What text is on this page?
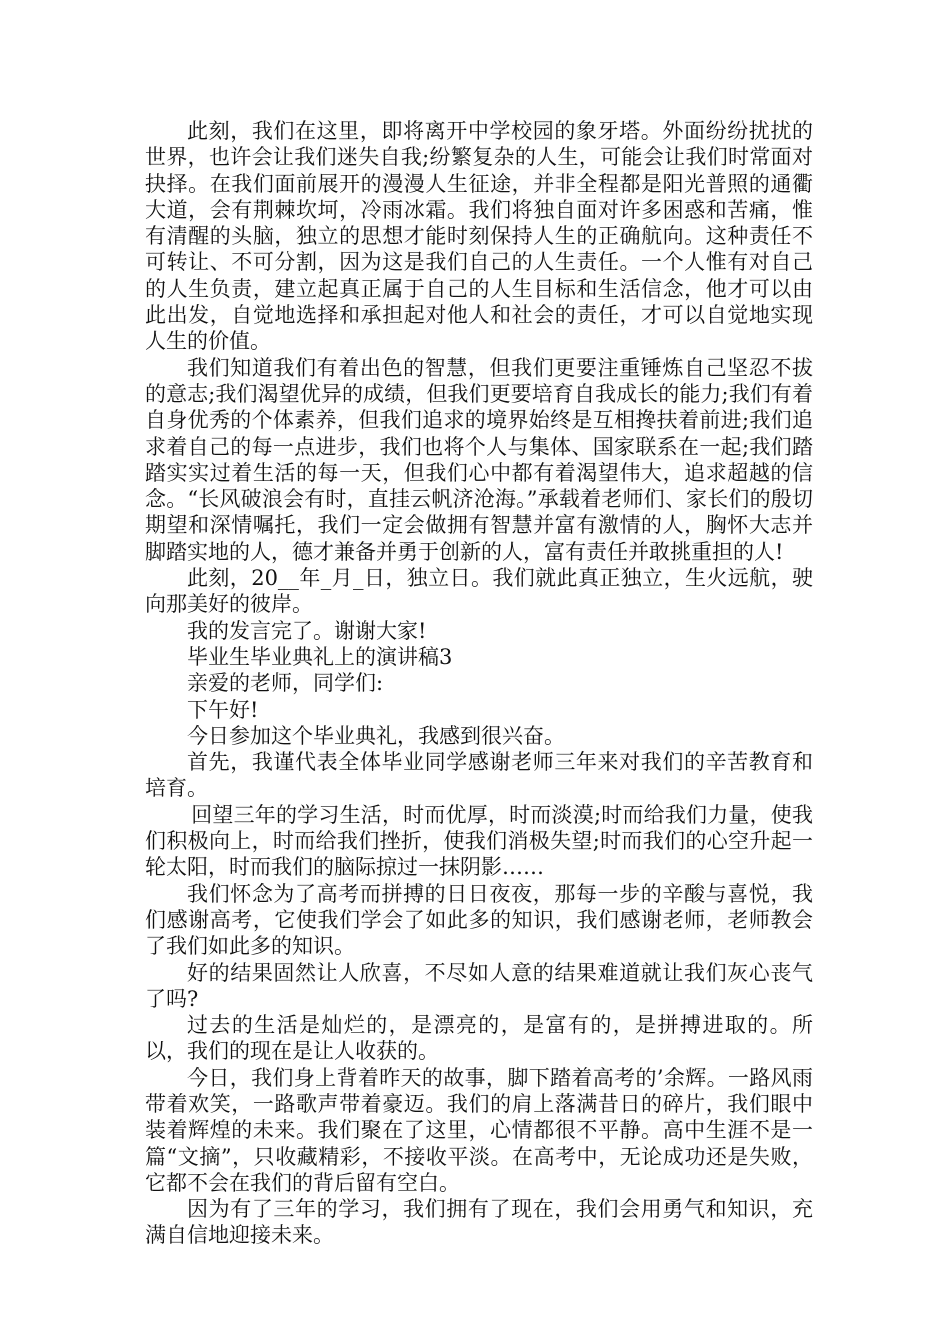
此刻，我们在这里，即将离开中学校园的象牙塔。外面纷纷扰扰的世界，也许会让我们迷失自我;纷繁复杂的人生，可能会让我们时常面对抉择。在我们面前展开的漫漫人生征途，并非全程都是阳光普照的通衢大道，会有荆棘坎坷，冷雨冰霜。我们将独自面对许多困惑和苦痛，惟有清醒的头脑，独立的思想才能时刻保持人生的正确航向。这种责任不可转让、不可分割，因为这是我们自己的人生责任。一个人惟有对自己的人生负责，建立起真正属于自己的人生目标和生活信念，他才可以由此出发，自觉地选择和承担起对他人和社会的责任，才可以自觉地实现人生的价值。

我们知道我们有着出色的智慧，但我们更要注重锤炼自己坚忍不拔的意志;我们渴望优异的成绩，但我们更要培育自我成长的能力;我们有着自身优秀的个体素养，但我们追求的境界始终是互相搀扶着前进;我们追求着自己的每一点进步，我们也将个人与集体、国家联系在一起;我们踏踏实实过着生活的每一天，但我们心中都有着渴望伟大，追求超越的信念。“长风破浪会有时，直挂云帆济沧海。”承载着老师们、家长们的殷切期望和深情嘱托，我们一定会做拥有智慧并富有激情的人，胸怀大志并脚踏实地的人，德才兼备并勇于创新的人，富有责任并敢挑重担的人!

此刻，20__年_月_日，独立日。我们就此真正独立，生火远航，驶向那美好的彼岸。

我的发言完了。谢谢大家!

毕业生毕业典礼上的演讲稿3

亲爱的老师，同学们:

下午好!

今日参加这个毕业典礼，我感到很兴奋。

首先，我谨代表全体毕业同学感谢老师三年来对我们的辛苦教育和培育。

回望三年的学习生活，时而优厚，时而淡漠;时而给我们力量，使我们积极向上，时而给我们挫折，使我们消极失望;时而我们的心空升起一轮太阳，时而我们的脑际掠过一抹阴影……

我们怀念为了高考而拼搏的日日夜夜，那每一步的辛酸与喜悦，我们感谢高考，它使我们学会了如此多的知识，我们感谢老师，老师教会了我们如此多的知识。

好的结果固然让人欣喜，不尽如人意的结果难道就让我们灰心丧气了吗?

过去的生活是灿烂的，是漂亮的，是富有的，是拼搏进取的。所以，我们的现在是让人收获的。

今日，我们身上背着昨天的故事，脚下踏着高考的’余辉。一路风雨带着欢笑，一路歌声带着豪迈。我们的肩上落满昔日的碎片，我们眼中装着辉煌的未来。我们聚在了这里，心情都很不平静。高中生涯不是一篇“文摘”，只收藏精彩，不接收平淡。在高考中，无论成功还是失败，它都不会在我们的背后留有空白。

因为有了三年的学习，我们拥有了现在，我们会用勇气和知识，充满自信地迎接未来。
